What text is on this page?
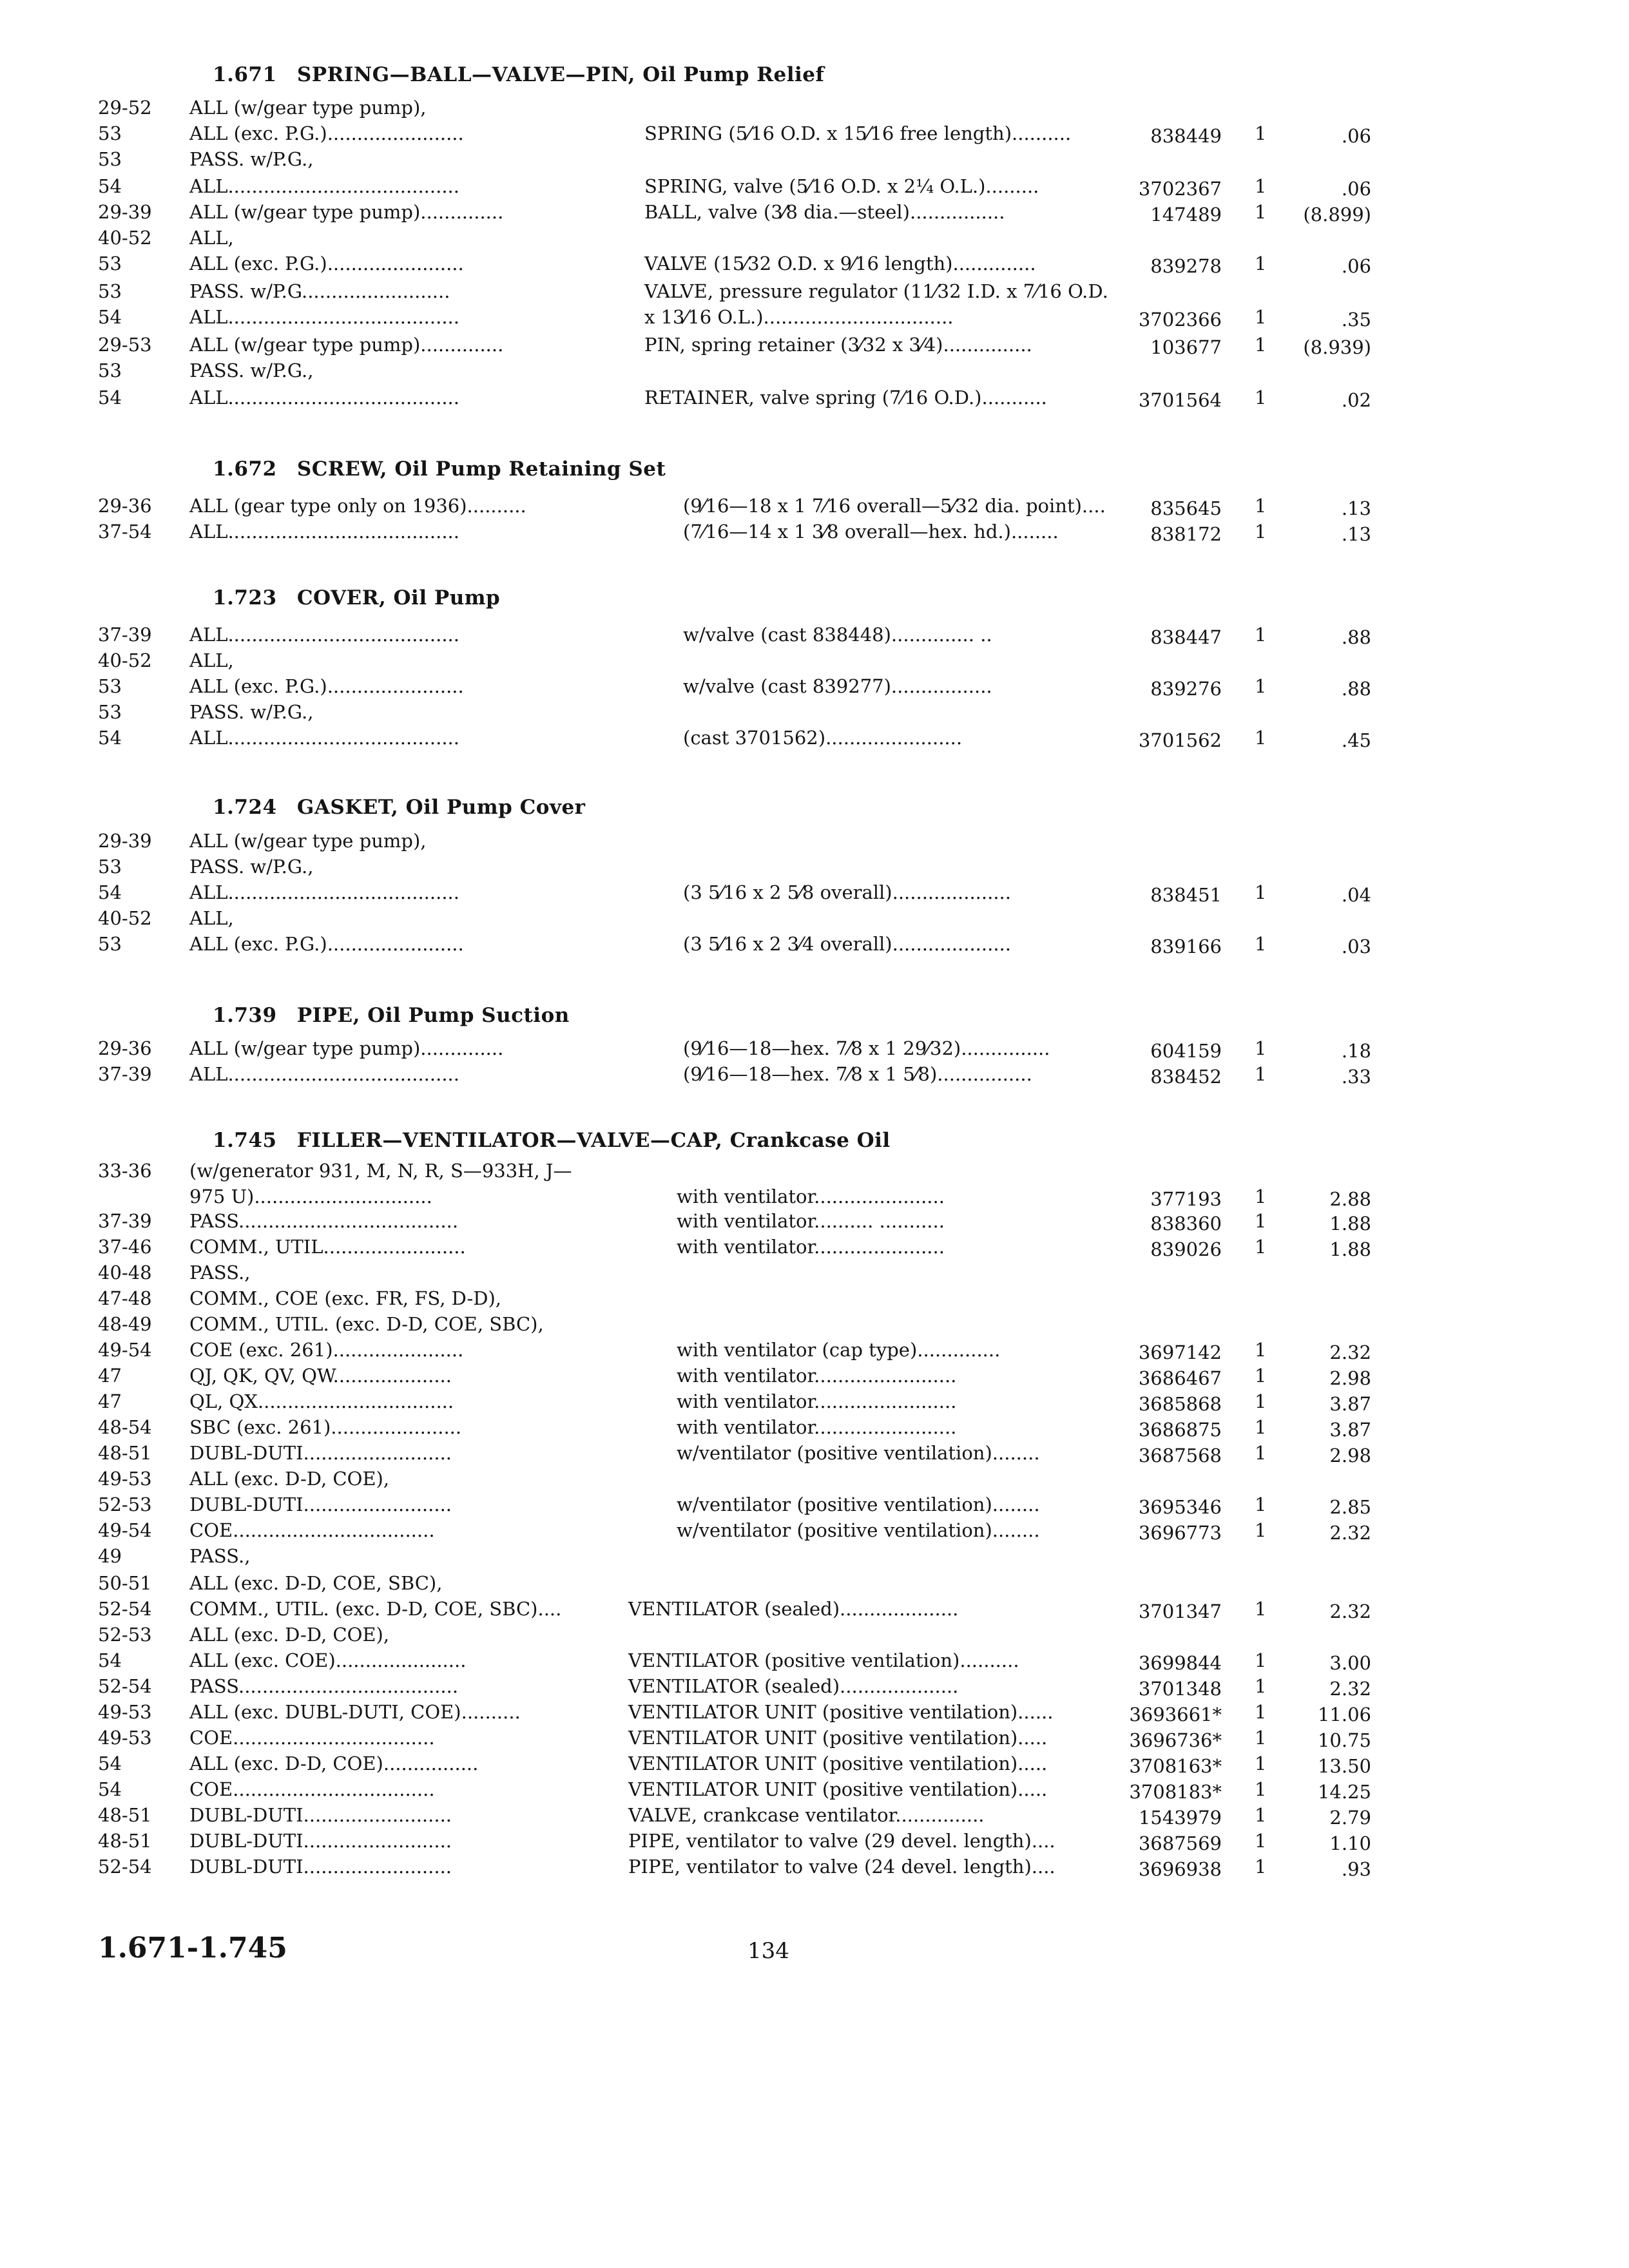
1.671 SPRING—BALL—VALVE—PIN, Oil Pump Relief
1.672 SCREW, Oil Pump Retaining Set
1.723 COVER, Oil Pump
1.724 GASKET, Oil Pump Cover
1.739 PIPE, Oil Pump Suction
1.745 FILLER—VENTILATOR—VALVE—CAP, Crankcase Oil
29-52 ALL (w/gear type pump),
53	ALL (exc. P.G.).......................	SPRING (5⁄16 O.D. x 15⁄16 free length)..........	838449 1	.06
53	PASS. w/P.G.,
54	ALL.......................................	SPRING, valve (5⁄16 O.D. x 2¼ O.L.).........	3702367 1	.06
29-39 ALL (w/gear type pump)..............	BALL, valve (3⁄8 dia.—steel)................	147489 1 (8.899)
40-52 ALL,
53	ALL (exc. P.G.).......................	VALVE (15⁄32 O.D. x 9⁄16 length)..............	839278 1	.06
53	PASS. w/P.G.........................	VALVE, pressure regulator (11⁄32 I.D. x 7⁄16 O.D.
54	ALL.......................................	x 13⁄16 O.L.)................................	3702366 1	.35
29-53 ALL (w/gear type pump)..............	PIN, spring retainer (3⁄32 x 3⁄4)...............	103677 1 (8.939)
53	PASS. w/P.G.,
54	ALL.......................................	RETAINER, valve spring (7⁄16 O.D.)...........	3701564 1	.02
29-36 ALL (gear type only on 1936)..........	(9⁄16—18 x 1 7⁄16 overall—5⁄32 dia. point)....	835645 1	.13
37-54 ALL.......................................	(7⁄16—14 x 1 3⁄8 overall—hex. hd.)........	838172 1	.13
37-39 ALL.......................................	w/valve (cast 838448).............. ..	838447 1	.88
40-52 ALL,
53	ALL (exc. P.G.).......................	w/valve (cast 839277).................	839276 1	.88
53	PASS. w/P.G.,
54	ALL.......................................	(cast 3701562).......................	3701562 1	.45
29-39 ALL (w/gear type pump),
53	PASS. w/P.G.,
54	ALL.......................................	(3 5⁄16 x 2 5⁄8 overall)....................	838451 1	.04
40-52 ALL,
53	ALL (exc. P.G.).......................	(3 5⁄16 x 2 3⁄4 overall)....................	839166 1	.03
29-36 ALL (w/gear type pump)..............	(9⁄16—18—hex. 7⁄8 x 1 29⁄32)...............	604159 1	.18
37-39 ALL.......................................	(9⁄16—18—hex. 7⁄8 x 1 5⁄8)................	838452 1	.33
33-36 (w/generator 931, M, N, R, S—933H, J—
975 U)..............................	with ventilator......................	377193 1	2.88
37-39 PASS.....................................	with ventilator.......... ...........	838360 1	1.88
37-46 COMM., UTIL........................	with ventilator......................	839026 1	1.88
40-48 PASS.,
47-48 COMM., COE (exc. FR, FS, D-D),
48-49 COMM., UTIL. (exc. D-D, COE, SBC),
49-54 COE (exc. 261)......................	with ventilator (cap type)..............	3697142 1	2.32
47	QJ, QK, QV, QW....................	with ventilator........................	3686467 1	2.98
47	QL, QX.................................	with ventilator........................	3685868 1	3.87
48-54 SBC (exc. 261)......................	with ventilator........................	3686875 1	3.87
48-51 DUBL-DUTI.........................	w/ventilator (positive ventilation)........	3687568 1	2.98
49-53 ALL (exc. D-D, COE),
52-53 DUBL-DUTI.........................	w/ventilator (positive ventilation)........	3695346 1	2.85
49-54 COE..................................	w/ventilator (positive ventilation)........	3696773 1	2.32
49	PASS.,
50-51 ALL (exc. D-D, COE, SBC),
52-54 COMM., UTIL. (exc. D-D, COE, SBC)....	VENTILATOR (sealed)....................	3701347 1	2.32
52-53 ALL (exc. D-D, COE),
54	ALL (exc. COE)......................	VENTILATOR (positive ventilation)..........	3699844 1	3.00
52-54 PASS.....................................	VENTILATOR (sealed)....................	3701348 1	2.32
49-53 ALL (exc. DUBL-DUTI, COE)..........	VENTILATOR UNIT (positive ventilation)......	3693661* 1	11.06
49-53 COE..................................	VENTILATOR UNIT (positive ventilation).....	3696736* 1	10.75
54	ALL (exc. D-D, COE)................	VENTILATOR UNIT (positive ventilation).....	3708163* 1	13.50
54	COE..................................	VENTILATOR UNIT (positive ventilation).....	3708183* 1	14.25
48-51 DUBL-DUTI.........................	VALVE, crankcase ventilator...............	1543979 1	2.79
48-51 DUBL-DUTI.........................	PIPE, ventilator to valve (29 devel. length)....	3687569 1	1.10
52-54 DUBL-DUTI.........................	PIPE, ventilator to valve (24 devel. length)....	3696938 1	.93
1.671-1.745	134
